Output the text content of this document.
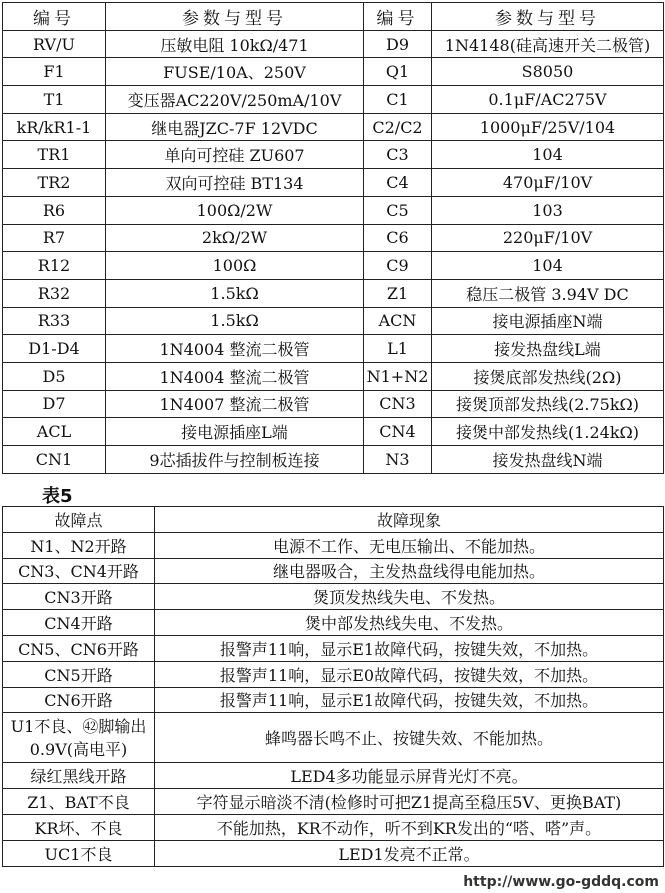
编号	参数与型号	编号	参数与型号
RV/U	压敏电阻 10kΩ/471	D9	1N4148(硅高速开关二极管)
F1	FUSE/10A、250V	Q1	S8050
T1	变压器AC220V/250mA/10V	C1	0.1μF/AC275V
kR/kR1-1	继电器JZC-7F 12VDC	C2/C2	1000μF/25V/104
TR1	单向可控硅 ZU607	C3	104
TR2	双向可控硅 BT134	C4	470μF/10V
R6	100Ω/2W	C5	103
R7	2kΩ/2W	C6	220μF/10V
R12	100Ω	C9	104
R32	1.5kΩ	Z1	稳压二极管 3.94V DC
R33	1.5kΩ	ACN	接电源插座N端
D1-D4	1N4004 整流二极管	L1	接发热盘线L端
D5	1N4004 整流二极管	N1+N2	接煲底部发热线(2Ω)
D7	1N4007 整流二极管	CN3	接煲顶部发热线(2.75kΩ)
ACL	接电源插座L端	CN4	接煲中部发热线(1.24kΩ)
CN1	9芯插拔件与控制板连接	N3	接发热盘线N端
表5
故障点	故障现象
N1、N2开路	电源不工作、无电压输出、不能加热。
CN3、CN4开路	继电器吸合，主发热盘线得电能加热。
CN3开路	煲顶发热线失电、不发热。
CN4开路	煲中部发热线失电、不发热。
CN5、CN6开路	报警声11响，显示E1故障代码，按键失效，不加热。
CN5开路	报警声11响，显示E0故障代码，按键失效，不加热。
CN6开路	报警声11响，显示E1故障代码，按键失效，不加热。
U1不良、㊷脚输出0.9V(高电平)	蜂鸣器长鸣不止、按键失效、不能加热。
绿红黑线开路	LED4多功能显示屏背光灯不亮。
Z1、BAT不良	字符显示暗淡不清(检修时可把Z1提高至稳压5V、更换BAT)
KR坏、不良	不能加热，KR不动作，听不到KR发出的“嗒、嗒”声。
UC1不良	LED1发亮不正常。
http://www.go-gddq.com
